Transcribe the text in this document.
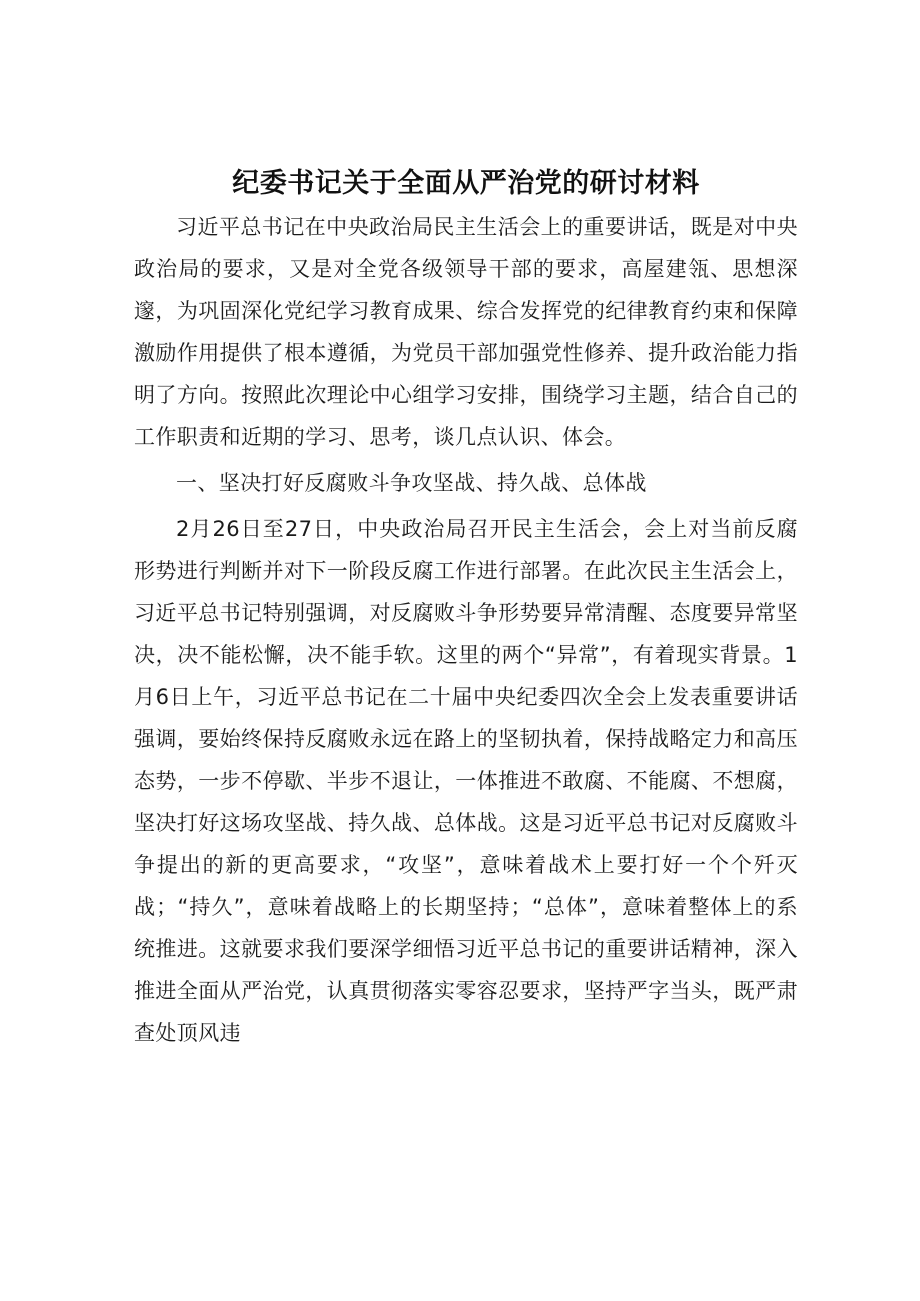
纪委书记关于全面从严治党的研讨材料

习近平总书记在中央政治局民主生活会上的重要讲话，既是对中央政治局的要求，又是对全党各级领导干部的要求，高屋建瓴、思想深邃，为巩固深化党纪学习教育成果、综合发挥党的纪律教育约束和保障激励作用提供了根本遵循，为党员干部加强党性修养、提升政治能力指明了方向。按照此次理论中心组学习安排，围绕学习主题，结合自己的工作职责和近期的学习、思考，谈几点认识、体会。

一、坚决打好反腐败斗争攻坚战、持久战、总体战

2月26日至27日，中央政治局召开民主生活会，会上对当前反腐形势进行判断并对下一阶段反腐工作进行部署。在此次民主生活会上，习近平总书记特别强调，对反腐败斗争形势要异常清醒、态度要异常坚决，决不能松懈，决不能手软。这里的两个“异常”，有着现实背景。1月6日上午，习近平总书记在二十届中央纪委四次全会上发表重要讲话强调，要始终保持反腐败永远在路上的坚韧执着，保持战略定力和高压态势，一步不停歇、半步不退让，一体推进不敢腐、不能腐、不想腐，坚决打好这场攻坚战、持久战、总体战。这是习近平总书记对反腐败斗争提出的新的更高要求，“攻坚”，意味着战术上要打好一个个歼灭战；“持久”，意味着战略上的长期坚持；“总体”，意味着整体上的系统推进。这就要求我们要深学细悟习近平总书记的重要讲话精神，深入推进全面从严治党，认真贯彻落实零容忍要求，坚持严字当头，既严肃查处顶风违
